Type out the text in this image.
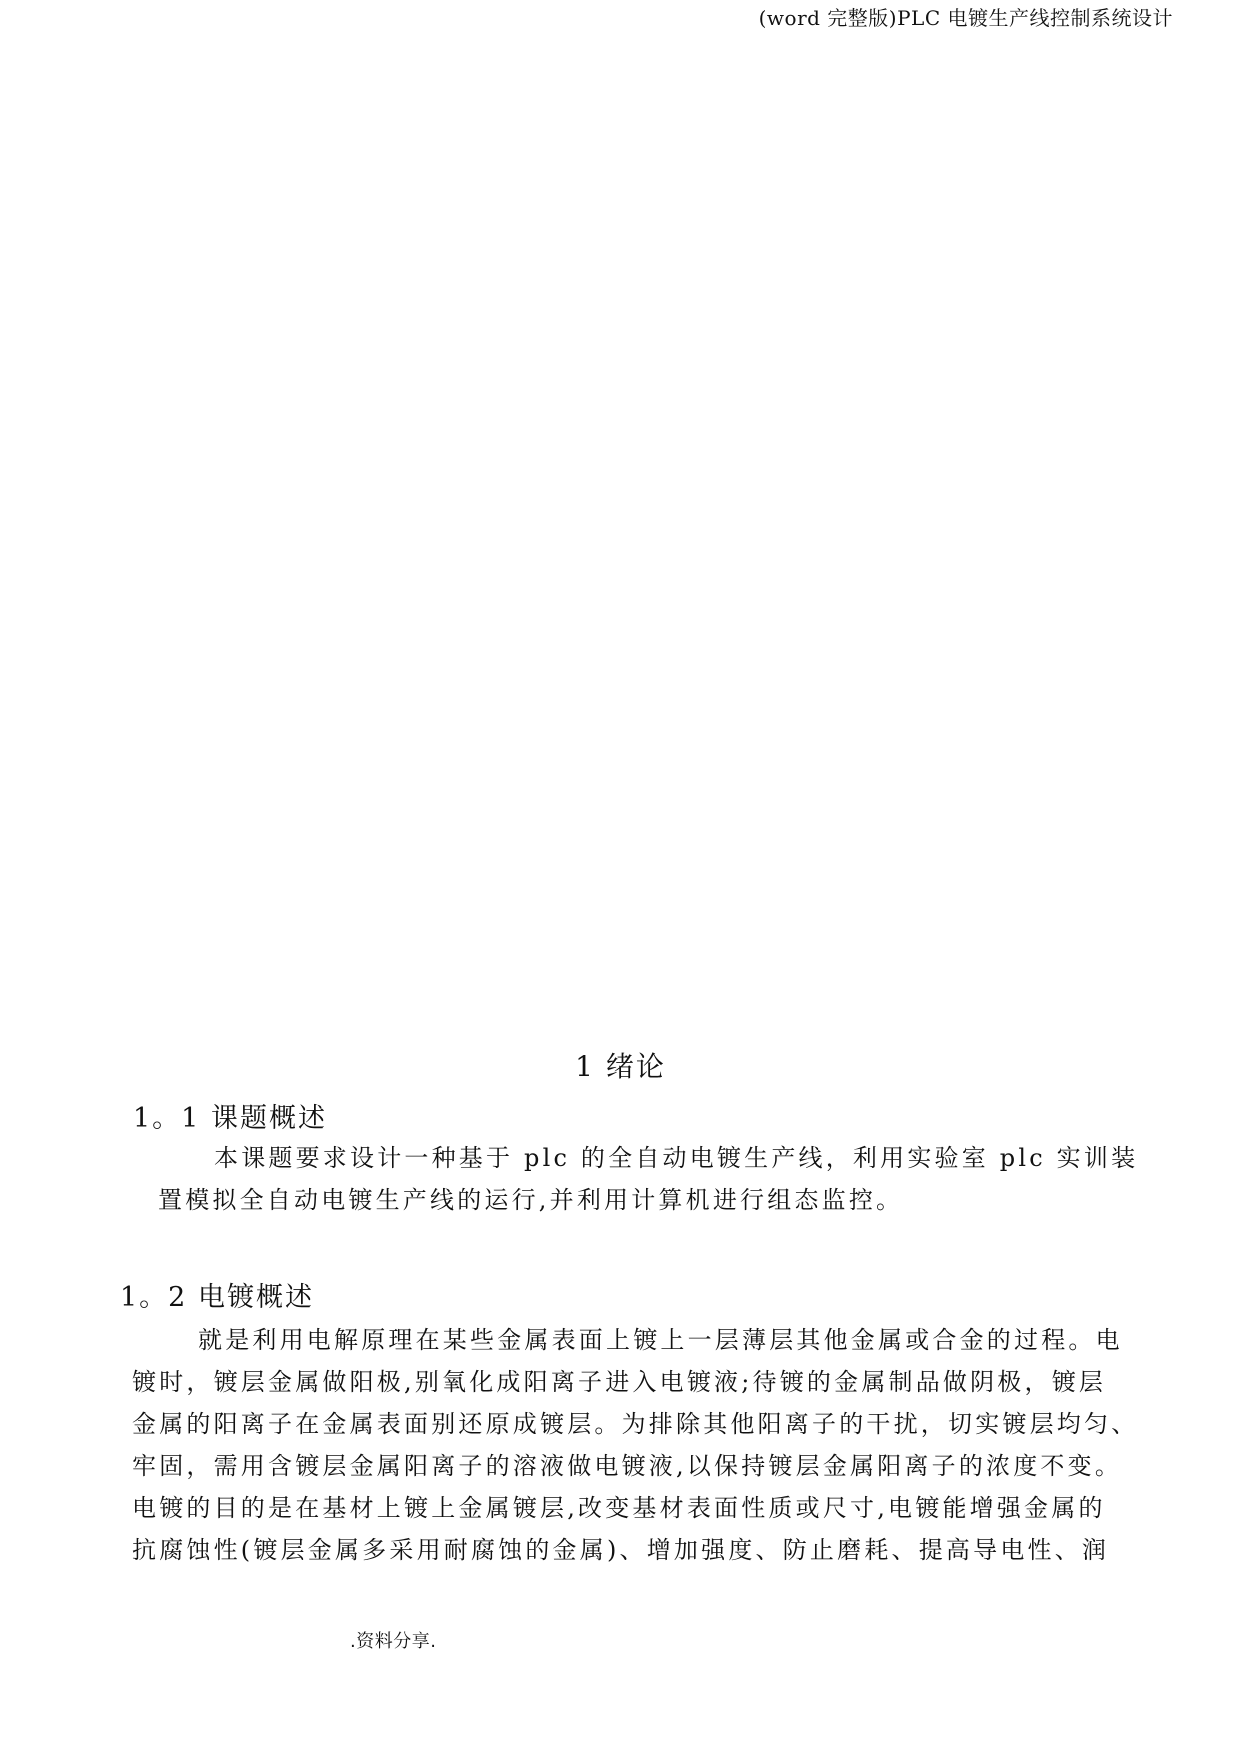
(word 完整版)PLC 电镀生产线控制系统设计
1 绪论
1。1 课题概述

本课题要求设计一种基于 plc 的全自动电镀生产线，利用实验室 plc 实训装

置模拟全自动电镀生产线的运行,并利用计算机进行组态监控。

1。2 电镀概述

就是利用电解原理在某些金属表面上镀上一层薄层其他金属或合金的过程。电

镀时，镀层金属做阳极,别氧化成阳离子进入电镀液;待镀的金属制品做阴极，镀层

金属的阳离子在金属表面别还原成镀层。为排除其他阳离子的干扰，切实镀层均匀、

牢固，需用含镀层金属阳离子的溶液做电镀液,以保持镀层金属阳离子的浓度不变。

电镀的目的是在基材上镀上金属镀层,改变基材表面性质或尺寸,电镀能增强金属的

抗腐蚀性(镀层金属多采用耐腐蚀的金属)、增加强度、防止磨耗、提高导电性、润

.资料分享.
